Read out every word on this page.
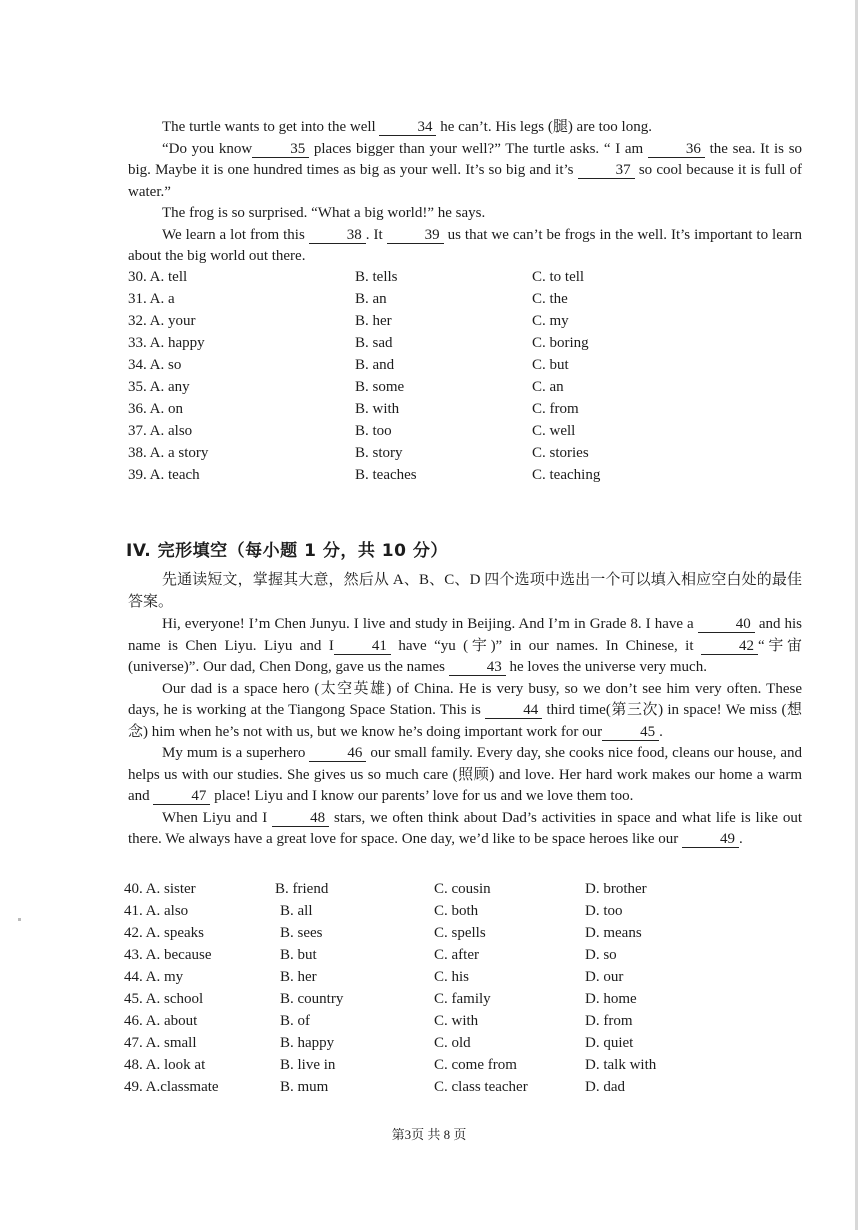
The turtle wants to get into the well	34 he can’t. His legs (腿) are too long.
“Do you know	35 places bigger than your well?” The turtle asks. “ I am	36 the sea. It is so big. Maybe it is one hundred times as big as your well. It’s so big and it’s	37 so cool because it is full of water.”
The frog is so surprised. “What a big world!” he says.
We learn a lot from this	38 . It	39 us that we can’t be frogs in the well. It’s important to learn about the big world out there.
30. A. tell	B. tells	C. to tell
31. A. a	B. an	C. the
32. A. your	B. her	C. my
33. A. happy	B. sad	C. boring
34. A. so	B. and	C. but
35. A. any	B. some	C. an
36. A. on	B. with	C. from
37. A. also	B. too	C. well
38. A. a story	B. story	C. stories
39. A. teach	B. teaches	C. teaching
IV. 完形填空（每小题 1 分，共 10 分）
先通读短文，掌握其大意，然后从 A、B、C、D 四个选项中选出一个可以填入相应空白处的最佳答案。
Hi, everyone! I’m Chen Junyu. I live and study in Beijing. And I’m in Grade 8. I have a	40 and his name is Chen Liyu. Liyu and I	41 have “yu (宇)” in our names. In Chinese, it	42 “宇宙 (universe)”. Our dad, Chen Dong, gave us the names	43 he loves the universe very much.
Our dad is a space hero (太空英雄) of China. He is very busy, so we don’t see him very often. These days, he is working at the Tiangong Space Station. This is	44 third time(第三次) in space! We miss (想念) him when he’s not with us, but we know he’s doing important work for our	45 .
My mum is a superhero	46 our small family. Every day, she cooks nice food, cleans our house, and helps us with our studies. She gives us so much care (照顾) and love. Her hard work makes our home a warm and	47 place! Liyu and I know our parents’ love for us and we love them too.
When Liyu and I	48 stars, we often think about Dad’s activities in space and what life is like out there. We always have a great love for space. One day, we’d like to be space heroes like our	49 .
40. A. sister	B. friend	C. cousin	D. brother
41. A. also	B. all	C. both	D. too
42. A. speaks	B. sees	C. spells	D. means
43. A. because	B. but	C. after	D. so
44. A. my	B. her	C. his	D. our
45. A. school	B. country	C. family	D. home
46. A. about	B. of	C. with	D. from
47. A. small	B. happy	C. old	D. quiet
48. A. look at	B. live in	C. come from	D. talk with
49. A.classmate	B. mum	C. class teacher	D. dad
第3页 共 8 页
